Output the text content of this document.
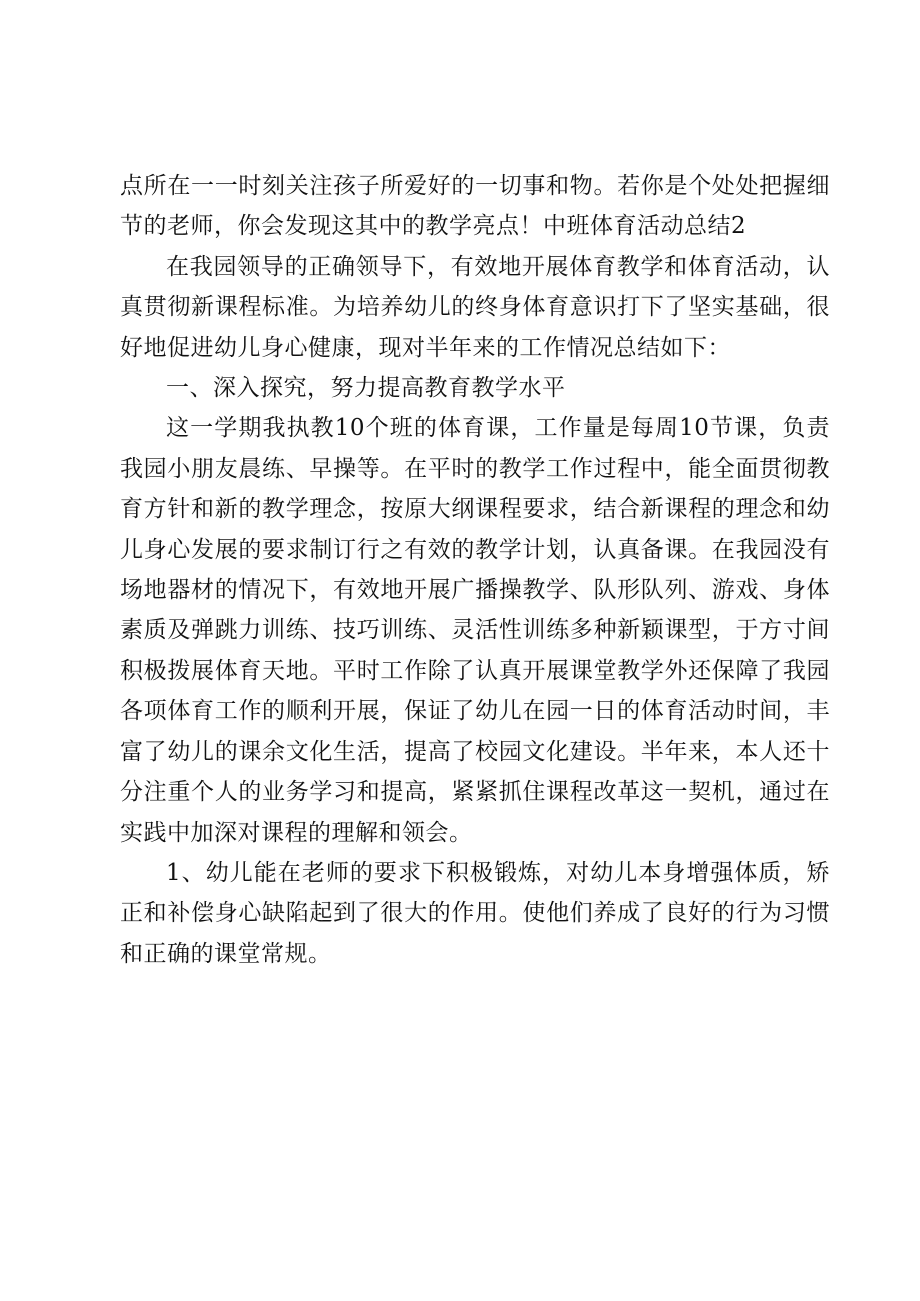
点所在一一时刻关注孩子所爱好的一切事和物。若你是个处处把握细节的老师，你会发现这其中的教学亮点！中班体育活动总结2

在我园领导的正确领导下，有效地开展体育教学和体育活动，认真贯彻新课程标准。为培养幼儿的终身体育意识打下了坚实基础，很好地促进幼儿身心健康，现对半年来的工作情况总结如下：

一、深入探究，努力提高教育教学水平

这一学期我执教10个班的体育课，工作量是每周10节课，负责我园小朋友晨练、早操等。在平时的教学工作过程中，能全面贯彻教育方针和新的教学理念，按原大纲课程要求，结合新课程的理念和幼儿身心发展的要求制订行之有效的教学计划，认真备课。在我园没有场地器材的情况下，有效地开展广播操教学、队形队列、游戏、身体素质及弹跳力训练、技巧训练、灵活性训练多种新颖课型，于方寸间积极拨展体育天地。平时工作除了认真开展课堂教学外还保障了我园各项体育工作的顺利开展，保证了幼儿在园一日的体育活动时间，丰富了幼儿的课余文化生活，提高了校园文化建设。半年来，本人还十分注重个人的业务学习和提高，紧紧抓住课程改革这一契机，通过在实践中加深对课程的理解和领会。

1、幼儿能在老师的要求下积极锻炼，对幼儿本身增强体质，矫正和补偿身心缺陷起到了很大的作用。使他们养成了良好的行为习惯和正确的课堂常规。
